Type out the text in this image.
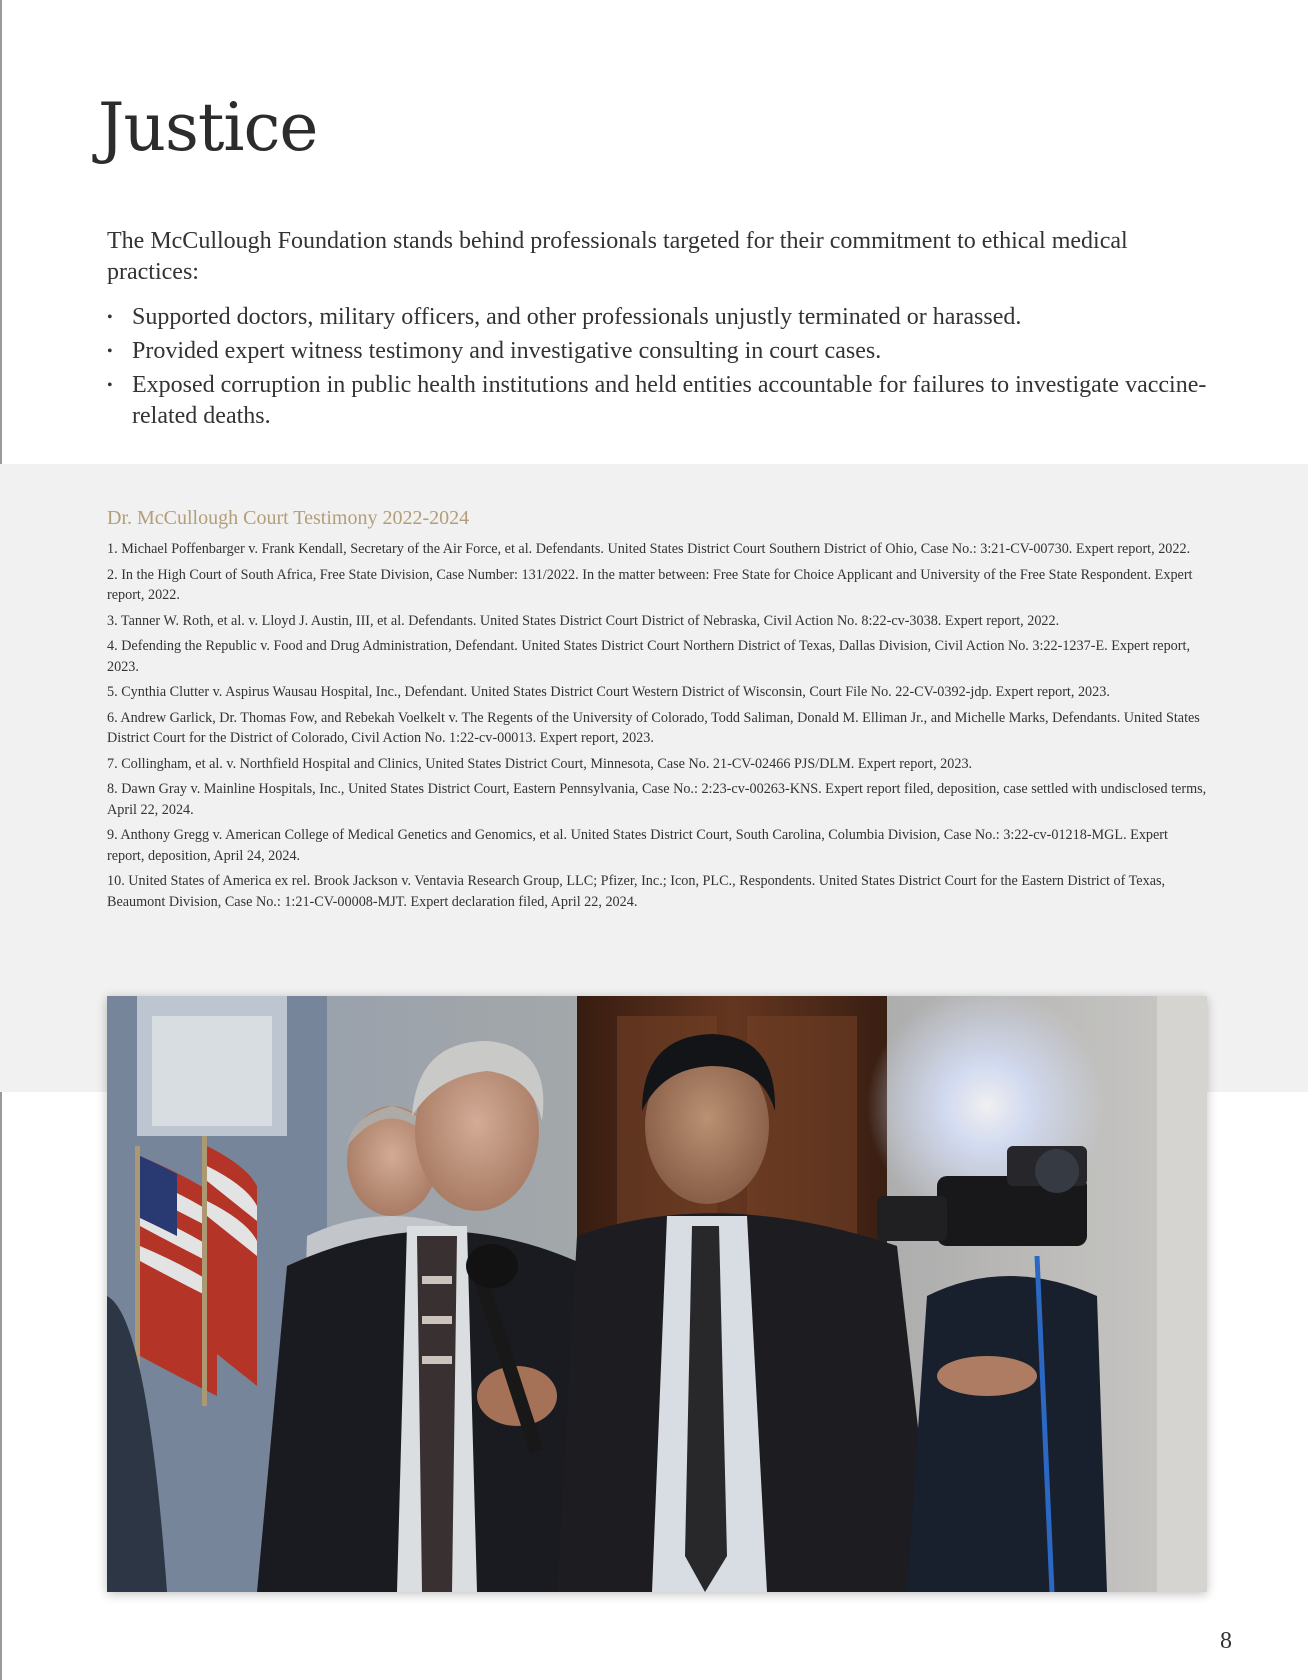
Justice

The McCullough Foundation stands behind professionals targeted for their commitment to ethical medical practices:

• Supported doctors, military officers, and other professionals unjustly terminated or harassed.
• Provided expert witness testimony and investigative consulting in court cases.
• Exposed corruption in public health institutions and held entities accountable for failures to investigate vaccine-related deaths.
Dr. McCullough Court Testimony 2022-2024
1. Michael Poffenbarger v. Frank Kendall, Secretary of the Air Force, et al. Defendants. United States District Court Southern District of Ohio, Case No.: 3:21-CV-00730. Expert report, 2022.
2. In the High Court of South Africa, Free State Division, Case Number: 131/2022. In the matter between: Free State for Choice Applicant and University of the Free State Respondent. Expert report, 2022.
3. Tanner W. Roth, et al. v. Lloyd J. Austin, III, et al. Defendants. United States District Court District of Nebraska, Civil Action No. 8:22-cv-3038. Expert report, 2022.
4. Defending the Republic v. Food and Drug Administration, Defendant. United States District Court Northern District of Texas, Dallas Division, Civil Action No. 3:22-1237-E. Expert report, 2023.
5. Cynthia Clutter v. Aspirus Wausau Hospital, Inc., Defendant. United States District Court Western District of Wisconsin, Court File No. 22-CV-0392-jdp. Expert report, 2023.
6. Andrew Garlick, Dr. Thomas Fow, and Rebekah Voelkelt v. The Regents of the University of Colorado, Todd Saliman, Donald M. Elliman Jr., and Michelle Marks, Defendants. United States District Court for the District of Colorado, Civil Action No. 1:22-cv-00013. Expert report, 2023.
7. Collingham, et al. v. Northfield Hospital and Clinics, United States District Court, Minnesota, Case No. 21-CV-02466 PJS/DLM. Expert report, 2023.
8. Dawn Gray v. Mainline Hospitals, Inc., United States District Court, Eastern Pennsylvania, Case No.: 2:23-cv-00263-KNS. Expert report filed, deposition, case settled with undisclosed terms, April 22, 2024.
9. Anthony Gregg v. American College of Medical Genetics and Genomics, et al. United States District Court, South Carolina, Columbia Division, Case No.: 3:22-cv-01218-MGL. Expert report, deposition, April 24, 2024.
10. United States of America ex rel. Brook Jackson v. Ventavia Research Group, LLC; Pfizer, Inc.; Icon, PLC., Respondents. United States District Court for the Eastern District of Texas, Beaumont Division, Case No.: 1:21-CV-00008-MJT. Expert declaration filed, April 22, 2024.
8
